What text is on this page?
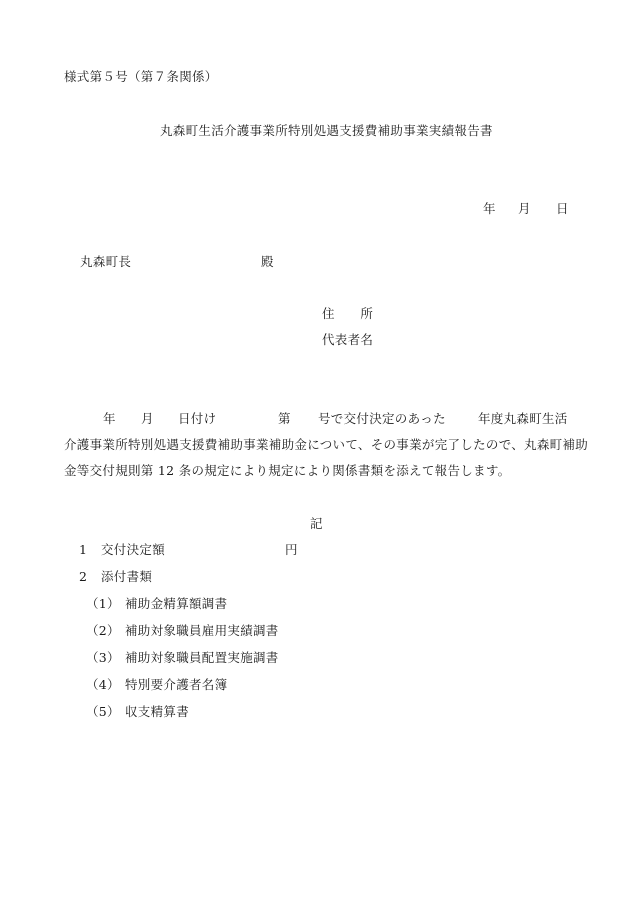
様式第５号（第７条関係）
丸森町生活介護事業所特別処遇支援費補助事業実績報告書
年 月 日
丸森町長	殿
住　　所
代表者名
年 月 日付け	第 号で交付決定のあった	年度丸森町生活
介護事業所特別処遇支援費補助事業補助金について、その事業が完了したので、丸森町補助
金等交付規則第 12 条の規定により規定により関係書類を添えて報告します。
記
1 交付決定額	円
2 添付書類
（1） 補助金精算額調書
（2） 補助対象職員雇用実績調書
（3） 補助対象職員配置実施調書
（4） 特別要介護者名簿
（5） 収支精算書
